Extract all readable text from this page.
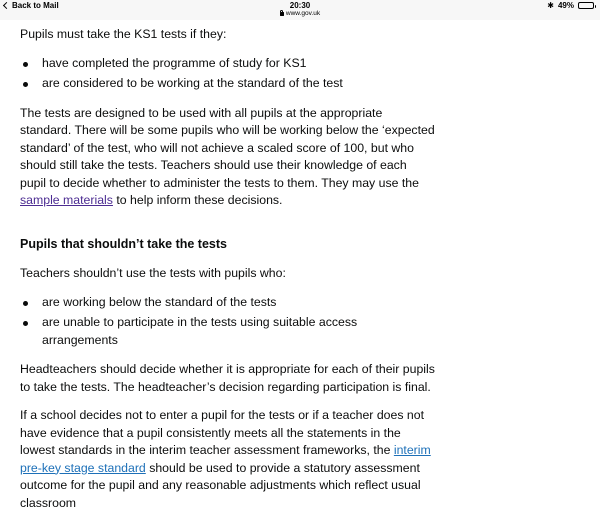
Back to Mail	20:30
www.gov.uk
✱ 49%

Pupils must take the KS1 tests if they:

have completed the programme of study for KS1
are considered to be working at the standard of the test

The tests are designed to be used with all pupils at the appropriate standard. There will be some pupils who will be working below the ‘expected standard’ of the test, who will not achieve a scaled score of 100, but who should still take the tests. Teachers should use their knowledge of each pupil to decide whether to administer the tests to them. They may use the sample materials to help inform these decisions.

Pupils that shouldn’t take the tests

Teachers shouldn’t use the tests with pupils who:

are working below the standard of the tests
are unable to participate in the tests using suitable access arrangements

Headteachers should decide whether it is appropriate for each of their pupils to take the tests. The headteacher’s decision regarding participation is final.

If a school decides not to enter a pupil for the tests or if a teacher does not have evidence that a pupil consistently meets all the statements in the lowest standards in the interim teacher assessment frameworks, the interim pre-key stage standard should be used to provide a statutory assessment outcome for the pupil and any reasonable adjustments which reflect usual classroom
